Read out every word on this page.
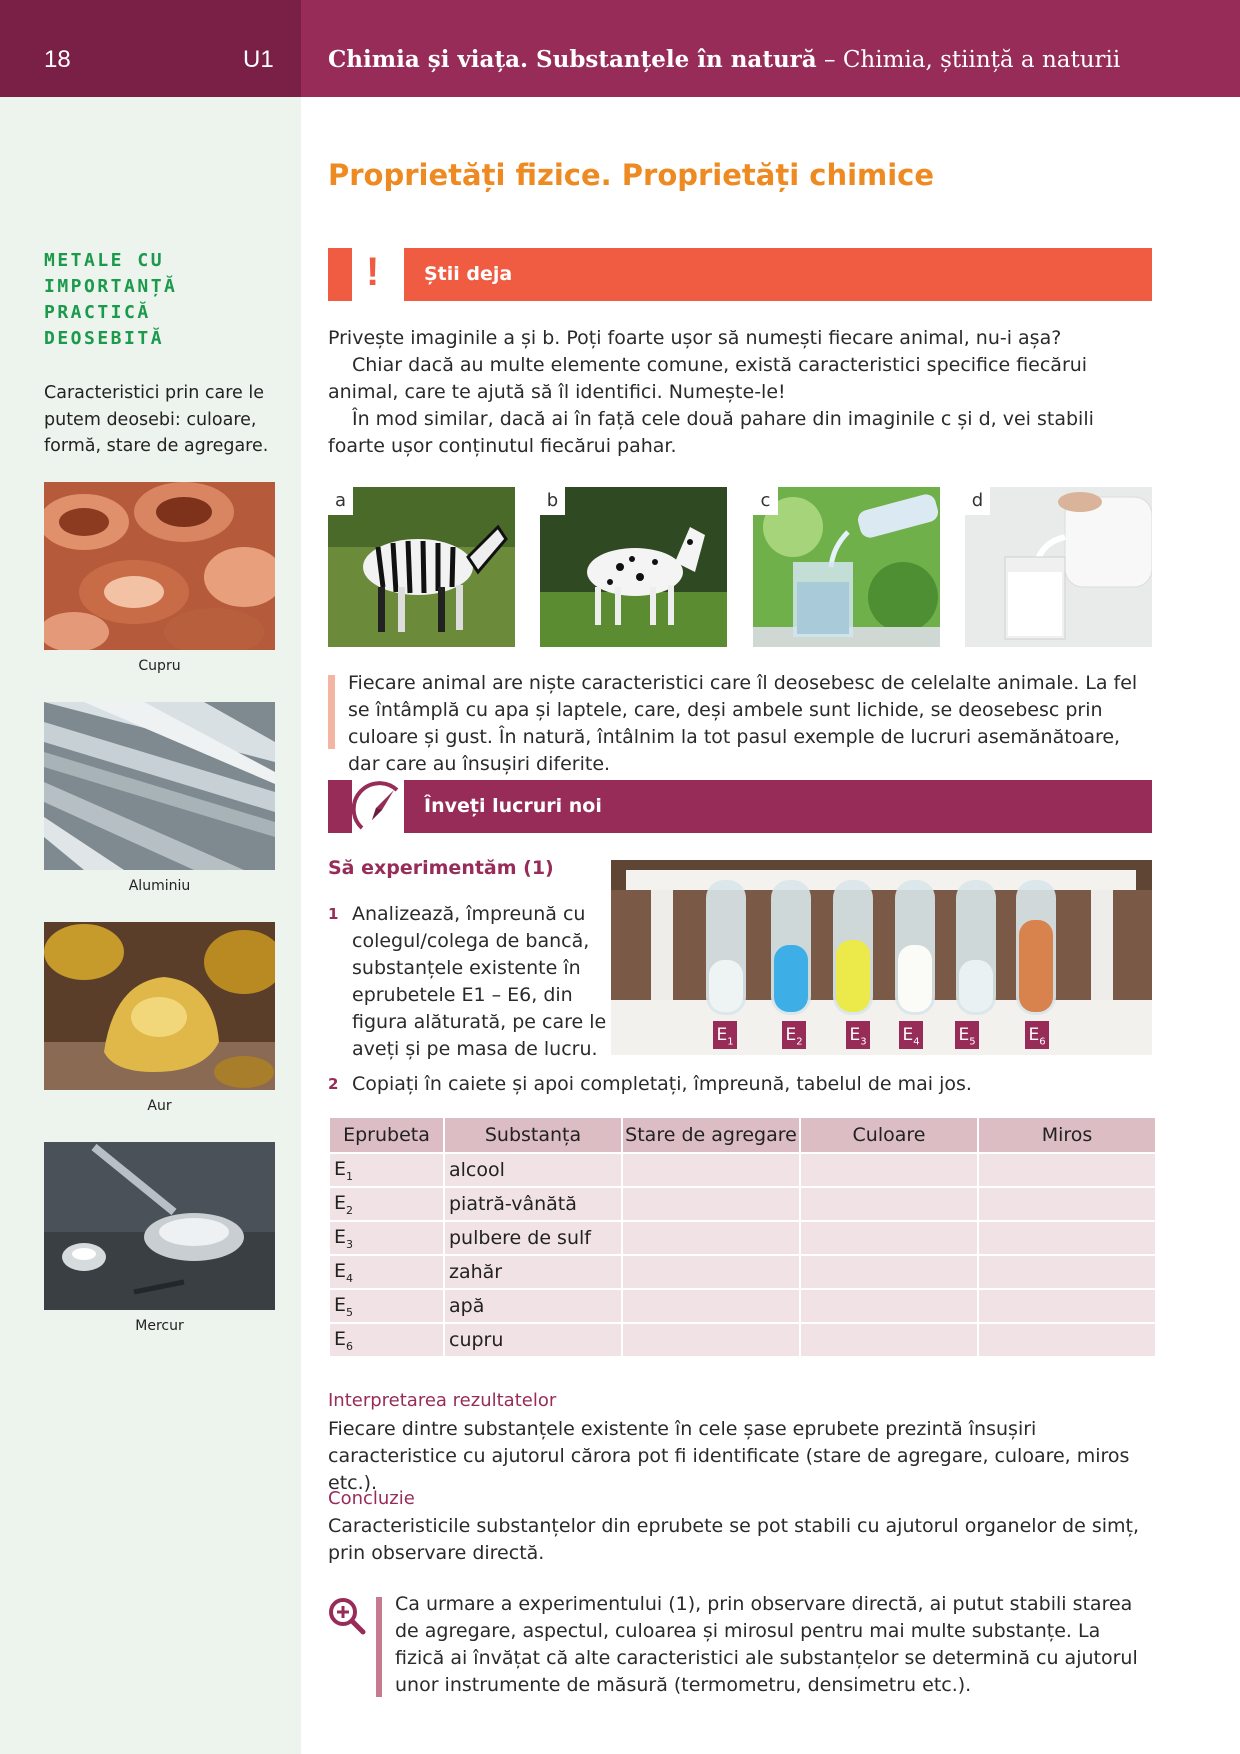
18	U1 Chimia și viața. Substanțele în natură – Chimia, știință a naturii
Proprietăți fizice. Proprietăți chimice
METALE CU
IMPORTANȚĂ
PRACTICĂ
DEOSEBITĂ
Caracteristici prin care le putem deosebi: culoare, formă, stare de agregare.
Cupru
Aluminiu
Aur
Mercur
!	Știi deja

Privește imaginile a și b. Poți foarte ușor să numești fiecare animal, nu-i așa?

Chiar dacă au multe elemente comune, există caracteristici specifice fiecărui animal, care te ajută să îl identifici. Numește-le!

În mod similar, dacă ai în față cele două pahare din imaginile c și d, vei stabili foarte ușor conținutul fiecărui pahar.

a	b	c	d
Fiecare animal are niște caracteristici care îl deosebesc de celelalte animale. La fel se întâmplă cu apa și laptele, care, deși ambele sunt lichide, se deosebesc prin culoare și gust. În natură, întâlnim la tot pasul exemple de lucruri asemănătoare, dar care au însușiri diferite.
Înveți lucruri noi
Să experimentăm (1)
1 Analizează, împreună cu colegul/colega de bancă, substanțele existente în eprubetele E1 – E6, din figura alăturată, pe care le aveți și pe masa de lucru.
2 Copiați în caiete și apoi completați, împreună, tabelul de mai jos.
$E_1$	$E_2$	$E_3$ $E_4$ $E_5$	$E_6$
Eprubeta	Substanța	Stare de agregare	Culoare	Miros
$E_1$	alcool			
$E_2$	piatră-vânătă			
$E_3$	pulbere de sulf			
$E_4$	zahăr			
$E_5$	apă			
$E_6$	cupru			
Interpretarea rezultatelor
Fiecare dintre substanțele existente în cele șase eprubete prezintă însușiri caracteristice cu ajutorul cărora pot fi identificate (stare de agregare, culoare, miros etc.).
Concluzie
Caracteristicile substanțelor din eprubete se pot stabili cu ajutorul organelor de simț, prin observare directă.
Ca urmare a experimentului (1), prin observare directă, ai putut stabili starea de agregare, aspectul, culoarea și mirosul pentru mai multe substanțe. La fizică ai învățat că alte caracteristici ale substanțelor se determină cu ajutorul unor instrumente de măsură (termometru, densimetru etc.).
